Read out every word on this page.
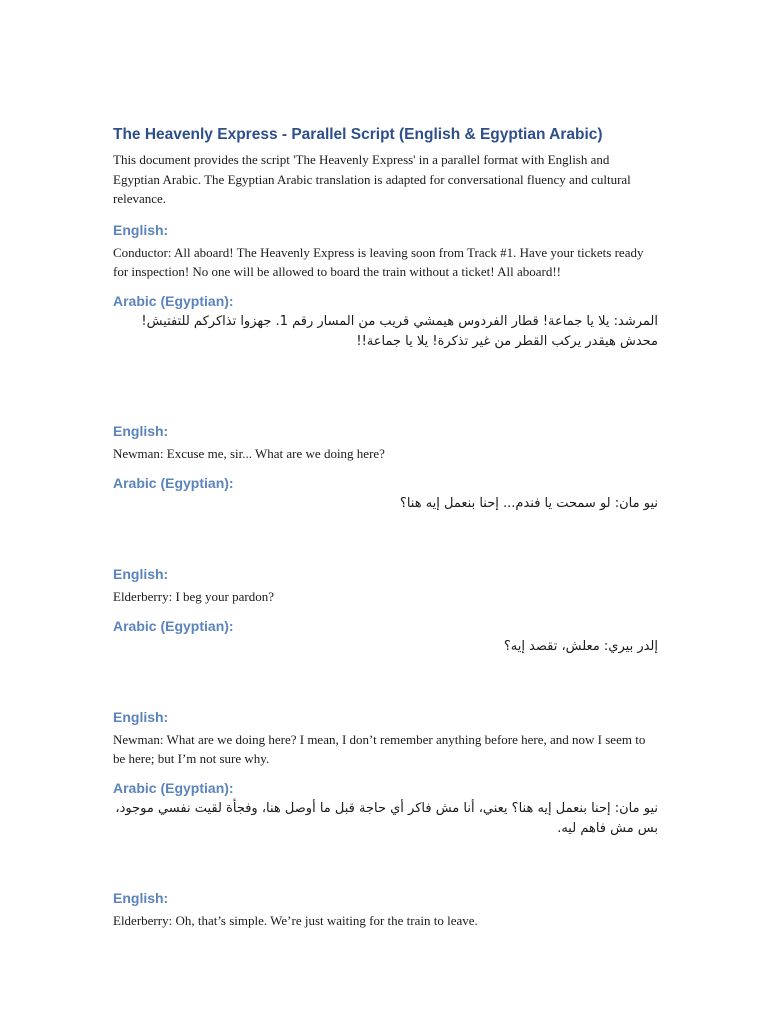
The Heavenly Express - Parallel Script (English & Egyptian Arabic)

This document provides the script 'The Heavenly Express' in a parallel format with English and Egyptian Arabic. The Egyptian Arabic translation is adapted for conversational fluency and cultural relevance.

English:

Conductor: All aboard! The Heavenly Express is leaving soon from Track #1. Have your tickets ready for inspection! No one will be allowed to board the train without a ticket! All aboard!!

Arabic (Egyptian):

المرشد: يلا يا جماعة! قطار الفردوس هيمشي قريب من المسار رقم 1. جهزوا تذاكركم للتفتيش! محدش هيقدر يركب القطر من غير تذكرة! يلا يا جماعة!!

English:

Newman: Excuse me, sir... What are we doing here?

Arabic (Egyptian):

نيو مان: لو سمحت يا فندم... إحنا بنعمل إيه هنا؟

English:

Elderberry: I beg your pardon?

Arabic (Egyptian):

إلدر بيري: معلش، تقصد إيه؟

English:

Newman: What are we doing here? I mean, I don’t remember anything before here, and now I seem to be here; but I’m not sure why.

Arabic (Egyptian):

نيو مان: إحنا بنعمل إيه هنا؟ يعني، أنا مش فاكر أي حاجة قبل ما أوصل هنا، وفجأة لقيت نفسي موجود، بس مش فاهم ليه.

English:

Elderberry: Oh, that’s simple. We’re just waiting for the train to leave.
